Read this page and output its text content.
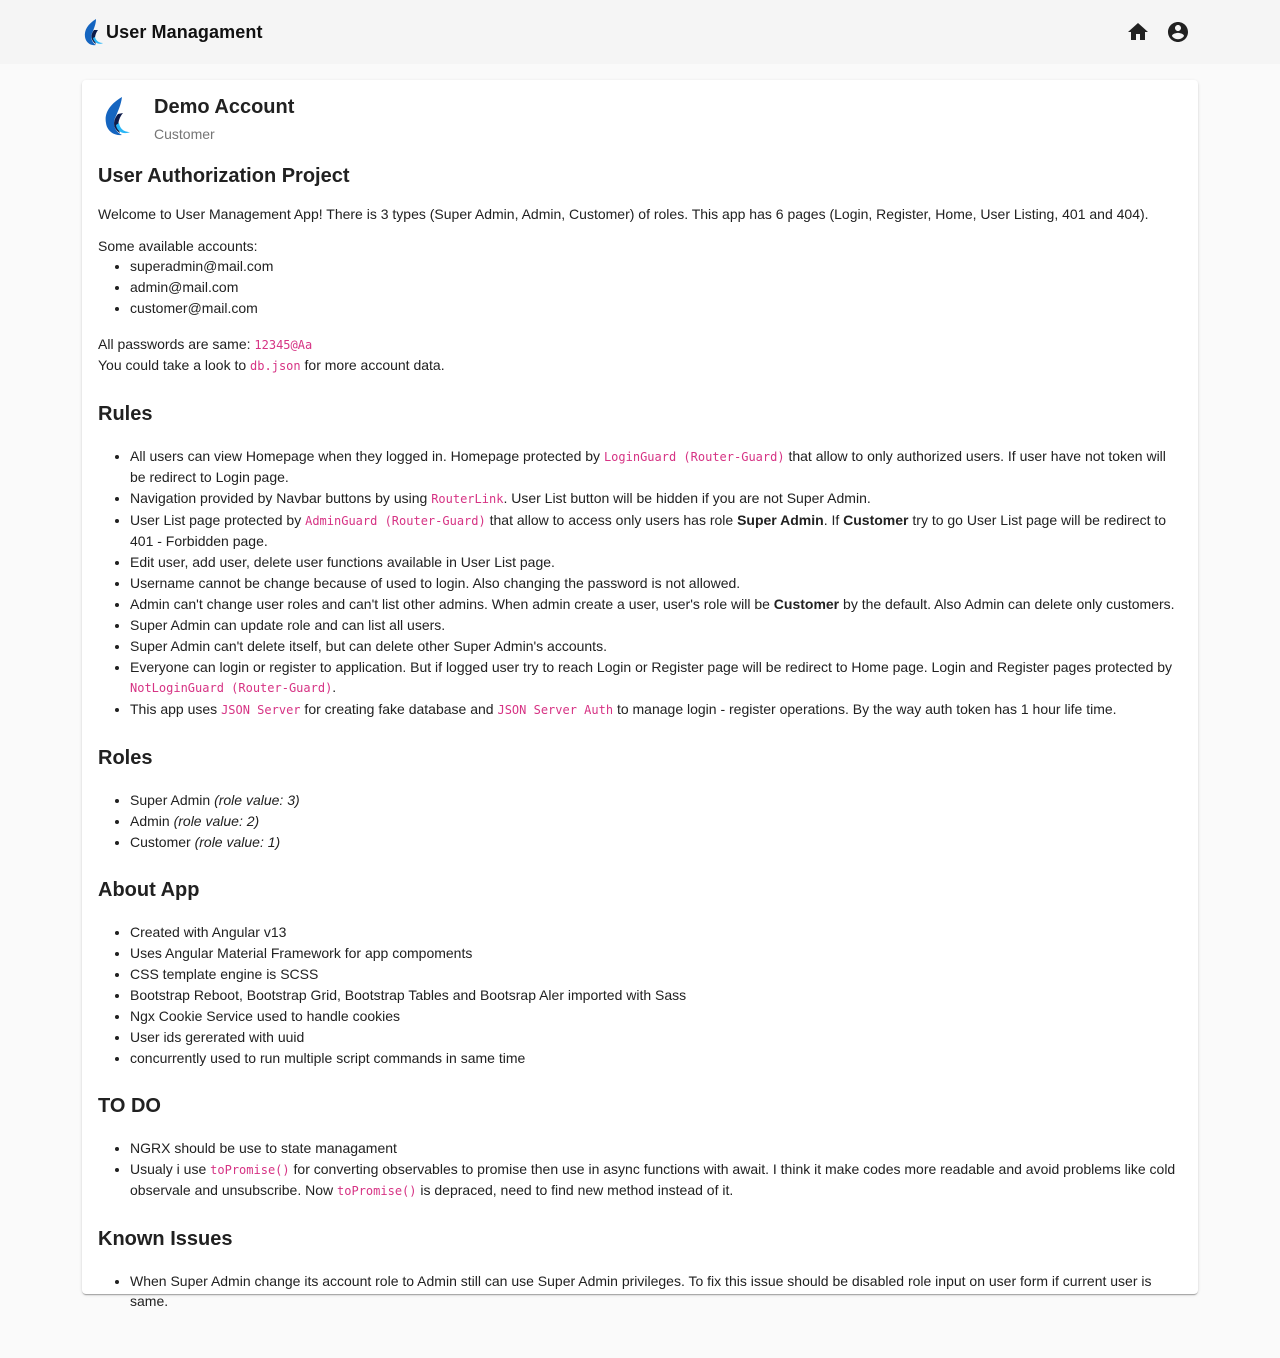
User Managament
Demo Account
Customer
User Authorization Project

Welcome to User Management App! There is 3 types (Super Admin, Admin, Customer) of roles. This app has 6 pages (Login, Register, Home, User Listing, 401 and 404).

Some available accounts:

• superadmin@mail.com
• admin@mail.com
• customer@mail.com

All passwords are same: 12345@Aa

You could take a look to db.json for more account data.

Rules
• All users can view Homepage when they logged in. Homepage protected by LoginGuard (Router-Guard) that allow to only authorized users. If user have not token will be redirect to Login page.
• Navigation provided by Navbar buttons by using RouterLink. User List button will be hidden if you are not Super Admin.
• User List page protected by AdminGuard (Router-Guard) that allow to access only users has role Super Admin. If Customer try to go User List page will be redirect to 401 - Forbidden page.
• Edit user, add user, delete user functions available in User List page.
• Username cannot be change because of used to login. Also changing the password is not allowed.
• Admin can't change user roles and can't list other admins. When admin create a user, user's role will be Customer by the default. Also Admin can delete only customers.
• Super Admin can update role and can list all users.
• Super Admin can't delete itself, but can delete other Super Admin's accounts.
• Everyone can login or register to application. But if logged user try to reach Login or Register page will be redirect to Home page. Login and Register pages protected by NotLoginGuard (Router-Guard).
• This app uses JSON Server for creating fake database and JSON Server Auth to manage login - register operations. By the way auth token has 1 hour life time.
Roles
• Super Admin (role value: 3)
• Admin (role value: 2)
• Customer (role value: 1)
About App
• Created with Angular v13
• Uses Angular Material Framework for app compoments
• CSS template engine is SCSS
• Bootstrap Reboot, Bootstrap Grid, Bootstrap Tables and Bootsrap Aler imported with Sass
• Ngx Cookie Service used to handle cookies
• User ids gererated with uuid
• concurrently used to run multiple script commands in same time
TO DO
• NGRX should be use to state managament
• Usualy i use toPromise() for converting observables to promise then use in async functions with await. I think it make codes more readable and avoid problems like cold observale and unsubscribe. Now toPromise() is depraced, need to find new method instead of it.
Known Issues
• When Super Admin change its account role to Admin still can use Super Admin privileges. To fix this issue should be disabled role input on user form if current user is same.
